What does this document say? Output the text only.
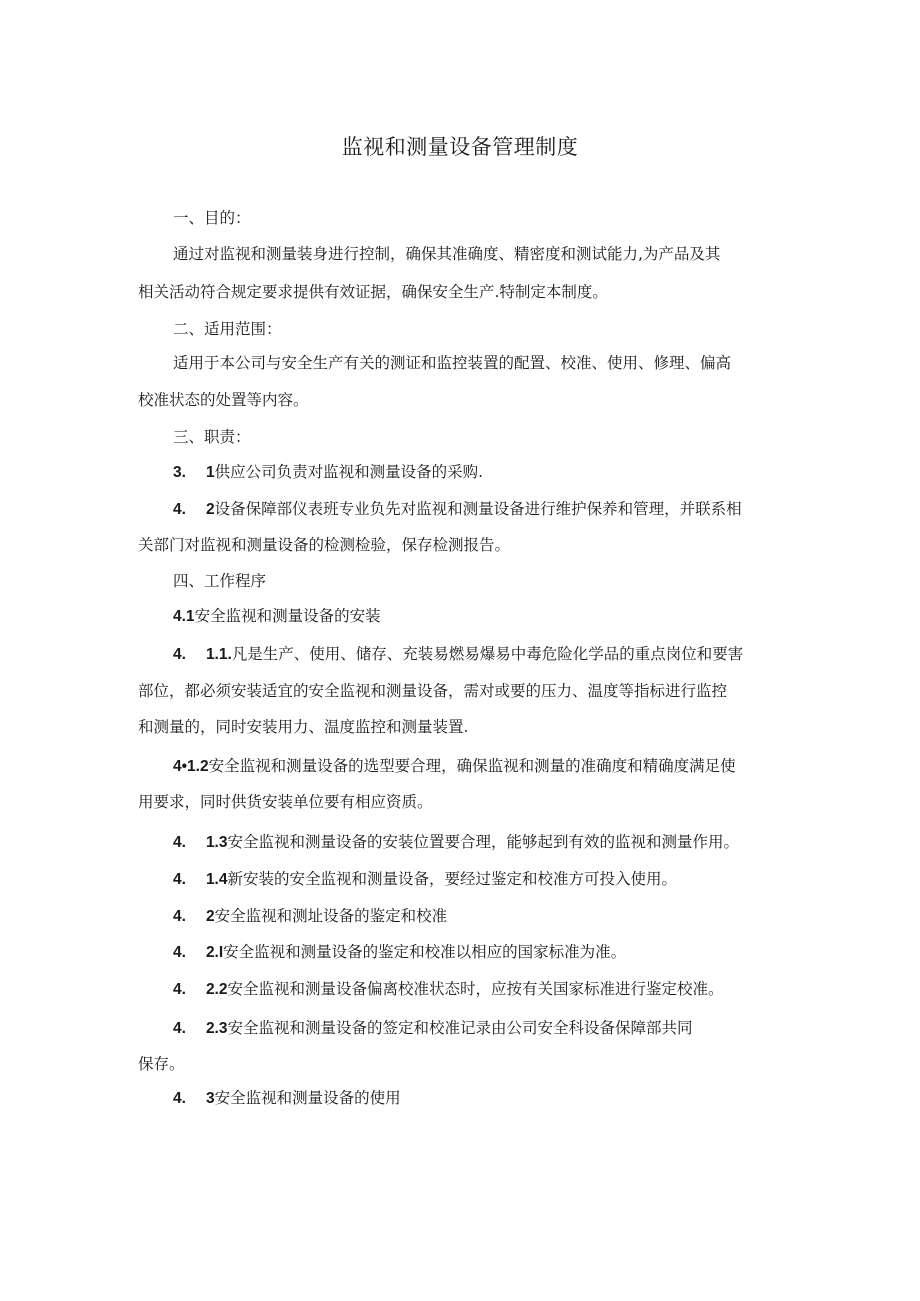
监视和测量设备管理制度
一、目的：
通过对监视和测量装身进行控制，确保其准确度、精密度和测试能力,为产品及其
相关活动符合规定要求提供有效证据，确保安全生产.特制定本制度。
二、适用范围：
适用于本公司与安全生产有关的测证和监控装置的配置、校准、使用、修理、偏高
校准状态的处置等内容。
三、职责：
3. 1供应公司负责对监视和测量设备的采购.
4. 2设备保障部仪表班专业负先对监视和测量设备进行维护保养和管理，并联系相
关部门对监视和测量设备的检测检验，保存检测报告。
四、工作程序
4.1安全监视和测量设备的安装
4. 1.1.凡是生产、使用、储存、充装易燃易爆易中毒危险化学品的重点岗位和要害
部位，都必须安装适宜的安全监视和测量设备，需对或要的压力、温度等指标进行监控
和测量的，同时安装用力、温度监控和测量装置.
4•1.2安全监视和测量设备的选型要合理，确保监视和测量的准确度和精确度满足使
用要求，同时供货安装单位要有相应资质。
4. 1.3安全监视和测量设备的安装位置要合理，能够起到有效的监视和测量作用。
4. 1.4新安装的安全监视和测量设备，要经过鉴定和校准方可投入使用。
4. 2安全监视和测址设备的鉴定和校准
4. 2.I安全监视和测量设备的鉴定和校准以相应的国家标准为准。
4. 2.2安全监视和测量设备偏离校准状态时，应按有关国家标准进行鉴定校准。
4. 2.3安全监视和测量设备的签定和校准记录由公司安全科设备保障部共同
保存。
4. 3安全监视和测量设备的使用
